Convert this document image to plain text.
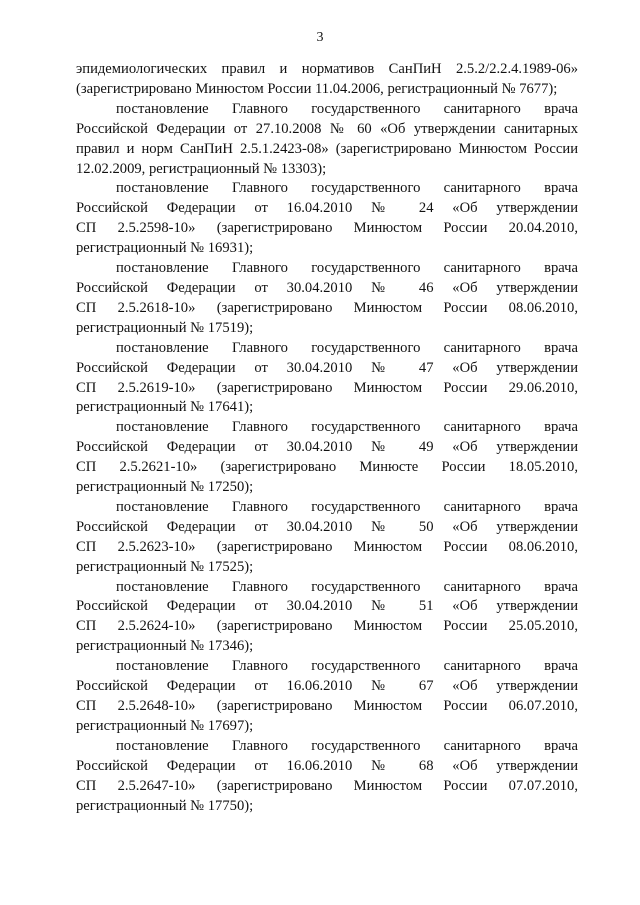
3
эпидемиологических правил и нормативов СанПиН 2.5.2/2.2.4.1989-06»
(зарегистрировано Минюстом России 11.04.2006, регистрационный № 7677);
постановление Главного государственного санитарного врача
Российской Федерации от 27.10.2008 № 60 «Об утверждении санитарных
правил и норм СанПиН 2.5.1.2423-08» (зарегистрировано Минюстом России
12.02.2009, регистрационный № 13303);
постановление Главного государственного санитарного врача
Российской Федерации от 16.04.2010 № 24 «Об утверждении
СП 2.5.2598-10» (зарегистрировано Минюстом России 20.04.2010,
регистрационный № 16931);
постановление Главного государственного санитарного врача
Российской Федерации от 30.04.2010 № 46 «Об утверждении
СП 2.5.2618-10» (зарегистрировано Минюстом России 08.06.2010,
регистрационный № 17519);
постановление Главного государственного санитарного врача
Российской Федерации от 30.04.2010 № 47 «Об утверждении
СП 2.5.2619-10» (зарегистрировано Минюстом России 29.06.2010,
регистрационный № 17641);
постановление Главного государственного санитарного врача
Российской Федерации от 30.04.2010 № 49 «Об утверждении
СП 2.5.2621-10» (зарегистрировано Минюсте России 18.05.2010,
регистрационный № 17250);
постановление Главного государственного санитарного врача
Российской Федерации от 30.04.2010 № 50 «Об утверждении
СП 2.5.2623-10» (зарегистрировано Минюстом России 08.06.2010,
регистрационный № 17525);
постановление Главного государственного санитарного врача
Российской Федерации от 30.04.2010 № 51 «Об утверждении
СП 2.5.2624-10» (зарегистрировано Минюстом России 25.05.2010,
регистрационный № 17346);
постановление Главного государственного санитарного врача
Российской Федерации от 16.06.2010 № 67 «Об утверждении
СП 2.5.2648-10» (зарегистрировано Минюстом России 06.07.2010,
регистрационный № 17697);
постановление Главного государственного санитарного врача
Российской Федерации от 16.06.2010 № 68 «Об утверждении
СП 2.5.2647-10» (зарегистрировано Минюстом России 07.07.2010,
регистрационный № 17750);
